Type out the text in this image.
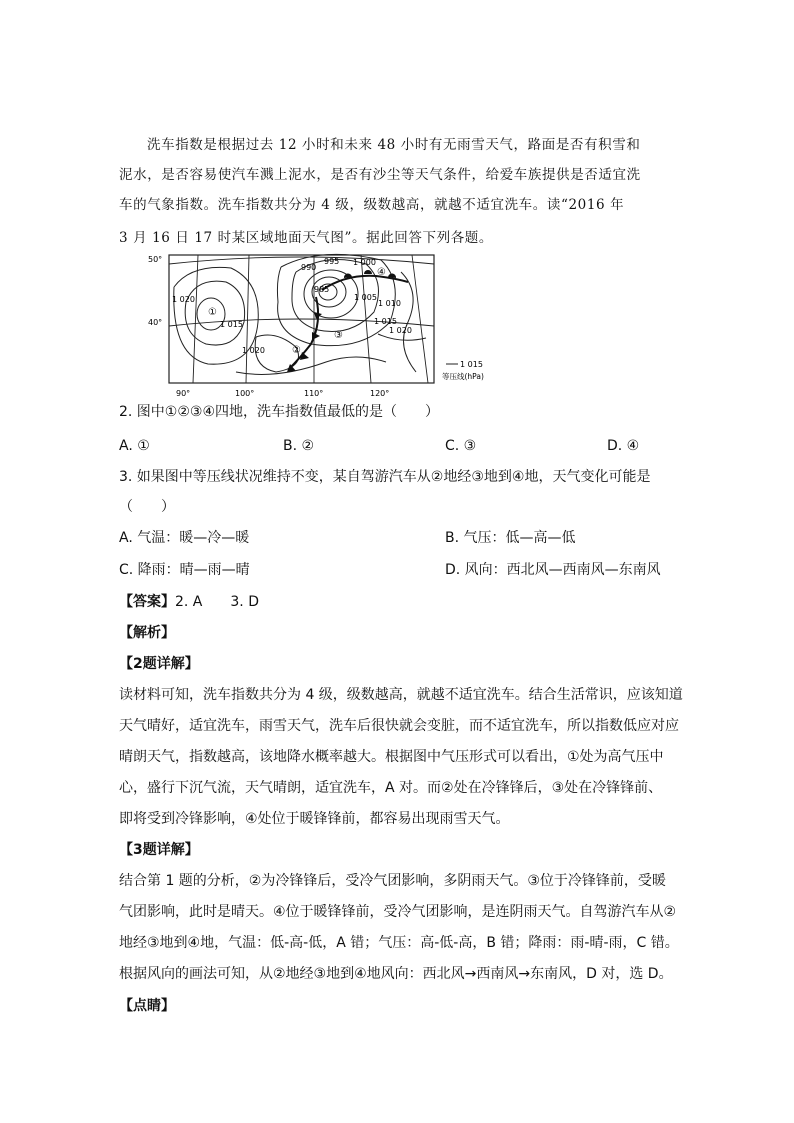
洗车指数是根据过去 12 小时和未来 48 小时有无雨雪天气，路面是否有积雪和
泥水，是否容易使汽车溅上泥水，是否有沙尘等天气条件，给爱车族提供是否适宜洗
车的气象指数。洗车指数共分为 4 级，级数越高，就越不适宜洗车。读“2016 年
3 月 16 日 17 时某区域地面天气图”。据此回答下列各题。
50°
40°
90°	100°	110°	120°
990
995 1 000
985
1 005
1 010
1 015
1 020
1 020
1 015
1 020
①
②
③
④
1 015
等压线(hPa)
2. 图中①②③④四地，洗车指数值最低的是（　　）
A. ①	B. ②	C. ③	D. ④
3. 如果图中等压线状况维持不变，某自驾游汽车从②地经③地到④地，天气变化可能是
（　　）
A. 气温：暖—冷—暖	B. 气压：低—高—低
C. 降雨：晴—雨—晴	D. 风向：西北风—西南风—东南风
【答案】2. A　　3. D
【解析】
【2题详解】
读材料可知，洗车指数共分为 4 级，级数越高，就越不适宜洗车。结合生活常识，应该知道
天气晴好，适宜洗车，雨雪天气，洗车后很快就会变脏，而不适宜洗车，所以指数低应对应
晴朗天气，指数越高，该地降水概率越大。根据图中气压形式可以看出，①处为高气压中
心，盛行下沉气流，天气晴朗，适宜洗车，A 对。而②处在冷锋锋后，③处在冷锋锋前、
即将受到冷锋影响，④处位于暖锋锋前，都容易出现雨雪天气。
【3题详解】
结合第 1 题的分析，②为冷锋锋后，受冷气团影响，多阴雨天气。③位于冷锋锋前，受暖
气团影响，此时是晴天。④位于暖锋锋前，受冷气团影响，是连阴雨天气。自驾游汽车从②
地经③地到④地，气温：低-高-低，A 错；气压：高-低-高，B 错；降雨：雨-晴-雨，C 错。
根据风向的画法可知，从②地经③地到④地风向：西北风→西南风→东南风，D 对，选 D。
【点睛】
